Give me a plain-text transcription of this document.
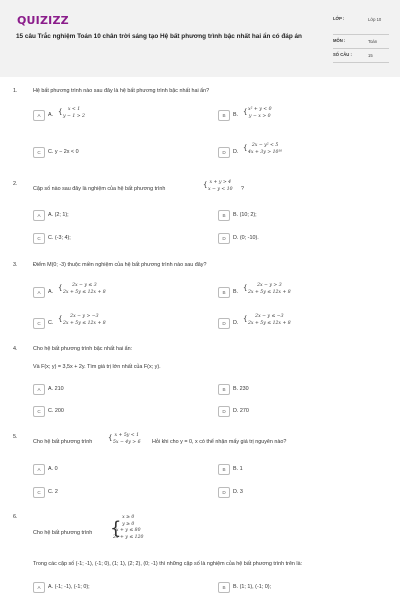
QUIZIZZ
15 câu Trắc nghiệm Toán 10 chân trời sáng tạo Hệ bất phương trình bậc nhất hai ẩn có đáp án
LỚP :	Lớp 10
MÔN :	Toán
SỐ CÂU :	15
1.	Hệ bất phương trình nào sau đây là hệ bất phương trình bậc nhất hai ẩn?
A	A. {	x < 1
y − 1 > 2	B	B. { x² + y < 0
y − x > 0
C	C. y − 2x < 0	D	D. { 2x − y² < 5
4x + 3y > 10¹⁰
2.
Cặp số nào sau đây là nghiệm của hệ bất phương trình	{ x + y > 4
x − y < 10 ?
A	A. (2; 1);	B	B. (10; 2);
C	C. (-3; 4);	D	D. (0; -10).
3.	Điểm M(0; -3) thuộc miền nghiệm của hệ bất phương trình nào sau đây?
A	A. {	2x − y ≤ 3
2x + 5y ≤ 12x + 8	B	B. {	2x − y > 3
2x + 5y ≤ 12x + 8
C	C. {	2x − y > −3
2x + 5y ≤ 12x + 8	D	D. {	2x − y ≤ −3
2x + 5y ≤ 12x + 8
4.	Cho hệ bất phương trình bậc nhất hai ẩn:
Và F(x; y) = 3,5x + 2y. Tìm giá trị lớn nhất của F(x; y).
A	A. 210	B	B. 230
C	C. 200	D	D. 270
5.
Cho hệ bất phương trình { x + 5y < 1
5x − 4y > 6 Hỏi khi cho y = 0, x có thể nhận mấy giá trị nguyên nào?
A	A. 0	B	B. 1
C	C. 2	D	D. 3
6.
Cho hệ bất phương trình {
x ≥ 0
y ≥ 0
x + y ≤ 80
2x + y ≤ 120
Trong các cặp số (-1; -1), (-1; 0), (1; 1), (2; 2), (0; -1) thì những cặp số là nghiệm của hệ bất phương trình trên là:
A	A. (-1; -1), (-1; 0);	B	B. (1; 1), (-1; 0);
